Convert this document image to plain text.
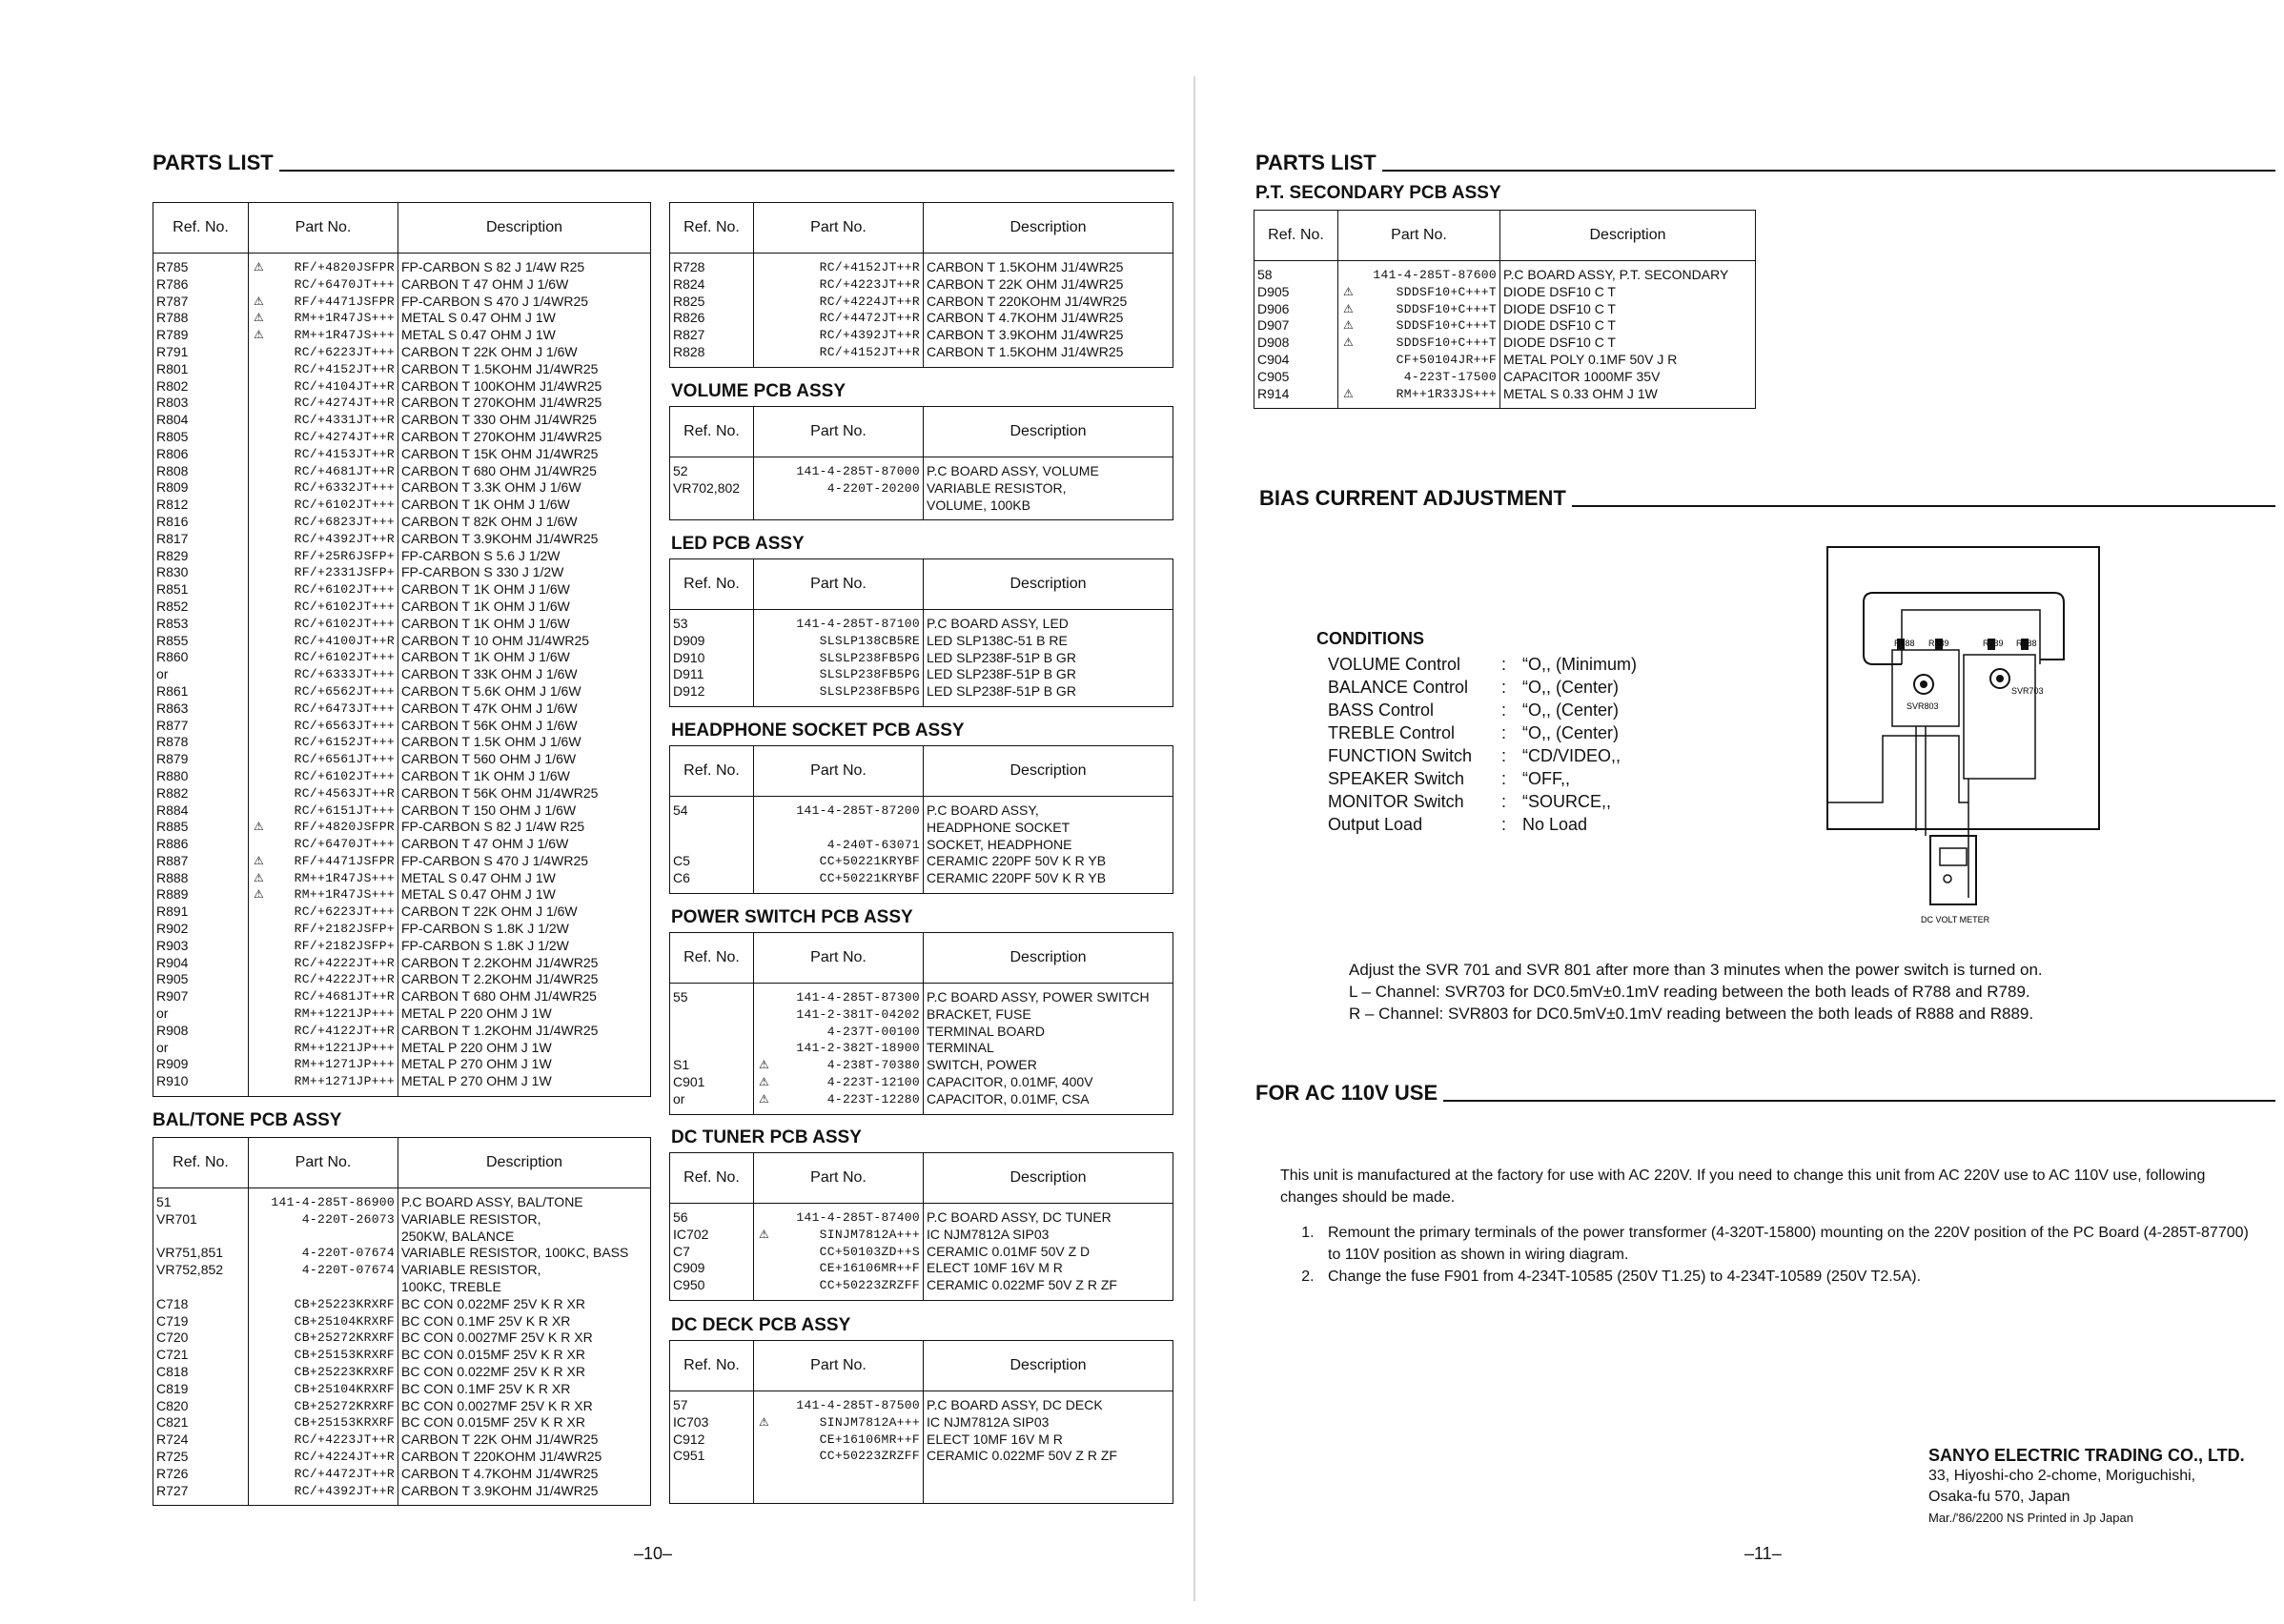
PARTS LIST
Ref. No.	Part No.	Description
R785	⚠ RF/+4820JSFPR	FP-CARBON S 82 J 1/4W R25
R786	RC/+6470JT+++	CARBON T 47 OHM J 1/6W
R787	⚠ RF/+4471JSFPR	FP-CARBON S 470 J 1/4WR25
R788	⚠ RM++1R47JS+++	METAL S 0.47 OHM J 1W
R789	⚠ RM++1R47JS+++	METAL S 0.47 OHM J 1W
R791	RC/+6223JT+++	CARBON T 22K OHM J 1/6W
R801	RC/+4152JT++R	CARBON T 1.5KOHM J1/4WR25
R802	RC/+4104JT++R	CARBON T 100KOHM J1/4WR25
R803	RC/+4274JT++R	CARBON T 270KOHM J1/4WR25
R804	RC/+4331JT++R	CARBON T 330 OHM J1/4WR25
R805	RC/+4274JT++R	CARBON T 270KOHM J1/4WR25
R806	RC/+4153JT++R	CARBON T 15K OHM J1/4WR25
R808	RC/+4681JT++R	CARBON T 680 OHM J1/4WR25
R809	RC/+6332JT+++	CARBON T 3.3K OHM J 1/6W
R812	RC/+6102JT+++	CARBON T 1K OHM J 1/6W
R816	RC/+6823JT+++	CARBON T 82K OHM J 1/6W
R817	RC/+4392JT++R	CARBON T 3.9KOHM J1/4WR25
R829	RF/+25R6JSFP+	FP-CARBON S 5.6 J 1/2W
R830	RF/+2331JSFP+	FP-CARBON S 330 J 1/2W
R851	RC/+6102JT+++	CARBON T 1K OHM J 1/6W
R852	RC/+6102JT+++	CARBON T 1K OHM J 1/6W
R853	RC/+6102JT+++	CARBON T 1K OHM J 1/6W
R855	RC/+4100JT++R	CARBON T 10 OHM J1/4WR25
R860	RC/+6102JT+++	CARBON T 1K OHM J 1/6W
or	RC/+6333JT+++	CARBON T 33K OHM J 1/6W
R861	RC/+6562JT+++	CARBON T 5.6K OHM J 1/6W
R863	RC/+6473JT+++	CARBON T 47K OHM J 1/6W
R877	RC/+6563JT+++	CARBON T 56K OHM J 1/6W
R878	RC/+6152JT+++	CARBON T 1.5K OHM J 1/6W
R879	RC/+6561JT+++	CARBON T 560 OHM J 1/6W
R880	RC/+6102JT+++	CARBON T 1K OHM J 1/6W
R882	RC/+4563JT++R	CARBON T 56K OHM J1/4WR25
R884	RC/+6151JT+++	CARBON T 150 OHM J 1/6W
R885	⚠ RF/+4820JSFPR	FP-CARBON S 82 J 1/4W R25
R886	RC/+6470JT+++	CARBON T 47 OHM J 1/6W
R887	⚠ RF/+4471JSFPR	FP-CARBON S 470 J 1/4WR25
R888	⚠ RM++1R47JS+++	METAL S 0.47 OHM J 1W
R889	⚠ RM++1R47JS+++	METAL S 0.47 OHM J 1W
R891	RC/+6223JT+++	CARBON T 22K OHM J 1/6W
R902	RF/+2182JSFP+	FP-CARBON S 1.8K J 1/2W
R903	RF/+2182JSFP+	FP-CARBON S 1.8K J 1/2W
R904	RC/+4222JT++R	CARBON T 2.2KOHM J1/4WR25
R905	RC/+4222JT++R	CARBON T 2.2KOHM J1/4WR25
R907	RC/+4681JT++R	CARBON T 680 OHM J1/4WR25
or	RM++1221JP+++	METAL P 220 OHM J 1W
R908	RC/+4122JT++R	CARBON T 1.2KOHM J1/4WR25
or	RM++1221JP+++	METAL P 220 OHM J 1W
R909	RM++1271JP+++	METAL P 270 OHM J 1W
R910	RM++1271JP+++	METAL P 270 OHM J 1W
BAL/TONE PCB ASSY
Ref. No.	Part No.	Description
51	141-4-285T-86900	P.C BOARD ASSY, BAL/TONE
VR701	4-220T-26073	VARIABLE RESISTOR,
		250KW, BALANCE
VR751,851	4-220T-07674	VARIABLE RESISTOR, 100KC, BASS
VR752,852	4-220T-07674	VARIABLE RESISTOR,
		100KC, TREBLE
C718	CB+25223KRXRF	BC CON 0.022MF 25V K R XR
C719	CB+25104KRXRF	BC CON 0.1MF 25V K R XR
C720	CB+25272KRXRF	BC CON 0.0027MF 25V K R XR
C721	CB+25153KRXRF	BC CON 0.015MF 25V K R XR
C818	CB+25223KRXRF	BC CON 0.022MF 25V K R XR
C819	CB+25104KRXRF	BC CON 0.1MF 25V K R XR
C820	CB+25272KRXRF	BC CON 0.0027MF 25V K R XR
C821	CB+25153KRXRF	BC CON 0.015MF 25V K R XR
R724	RC/+4223JT++R	CARBON T 22K OHM J1/4WR25
R725	RC/+4224JT++R	CARBON T 220KOHM J1/4WR25
R726	RC/+4472JT++R	CARBON T 4.7KOHM J1/4WR25
R727	RC/+4392JT++R	CARBON T 3.9KOHM J1/4WR25
Ref. No.	Part No.	Description
R728	RC/+4152JT++R	CARBON T 1.5KOHM J1/4WR25
R824	RC/+4223JT++R	CARBON T 22K OHM J1/4WR25
R825	RC/+4224JT++R	CARBON T 220KOHM J1/4WR25
R826	RC/+4472JT++R	CARBON T 4.7KOHM J1/4WR25
R827	RC/+4392JT++R	CARBON T 3.9KOHM J1/4WR25
R828	RC/+4152JT++R	CARBON T 1.5KOHM J1/4WR25
VOLUME PCB ASSY
Ref. No.	Part No.	Description
52	141-4-285T-87000	P.C BOARD ASSY, VOLUME
VR702,802	4-220T-20200	VARIABLE RESISTOR,
		VOLUME, 100KB
LED PCB ASSY
Ref. No.	Part No.	Description
53	141-4-285T-87100	P.C BOARD ASSY, LED
D909	SLSLP138CB5RE	LED SLP138C-51 B RE
D910	SLSLP238FB5PG	LED SLP238F-51P B GR
D911	SLSLP238FB5PG	LED SLP238F-51P B GR
D912	SLSLP238FB5PG	LED SLP238F-51P B GR
HEADPHONE SOCKET PCB ASSY
Ref. No.	Part No.	Description
54	141-4-285T-87200	P.C BOARD ASSY,
		HEADPHONE SOCKET
	4-240T-63071	SOCKET, HEADPHONE
C5	CC+50221KRYBF	CERAMIC 220PF 50V K R YB
C6	CC+50221KRYBF	CERAMIC 220PF 50V K R YB
POWER SWITCH PCB ASSY
Ref. No.	Part No.	Description
55	141-4-285T-87300	P.C BOARD ASSY, POWER SWITCH
	141-2-381T-04202	BRACKET, FUSE
	4-237T-00100	TERMINAL BOARD
	141-2-382T-18900	TERMINAL
S1	⚠ 4-238T-70380	SWITCH, POWER
C901	⚠ 4-223T-12100	CAPACITOR, 0.01MF, 400V
or	⚠ 4-223T-12280	CAPACITOR, 0.01MF, CSA
DC TUNER PCB ASSY
Ref. No.	Part No.	Description
56	141-4-285T-87400	P.C BOARD ASSY, DC TUNER
IC702	⚠ SINJM7812A+++	IC NJM7812A SIP03
C7	CC+50103ZD++S	CERAMIC 0.01MF 50V Z D
C909	CE+16106MR++F	ELECT 10MF 16V M R
C950	CC+50223ZRZFF	CERAMIC 0.022MF 50V Z R ZF
DC DECK PCB ASSY
Ref. No.	Part No.	Description
57	141-4-285T-87500	P.C BOARD ASSY, DC DECK
IC703	⚠ SINJM7812A+++	IC NJM7812A SIP03
C912	CE+16106MR++F	ELECT 10MF 16V M R
C951	CC+50223ZRZFF	CERAMIC 0.022MF 50V Z R ZF
–10–
PARTS LIST
P.T. SECONDARY PCB ASSY
Ref. No.	Part No.	Description
58	141-4-285T-87600	P.C BOARD ASSY, P.T. SECONDARY
D905	⚠ SDDSF10+C+++T	DIODE DSF10 C T
D906	⚠ SDDSF10+C+++T	DIODE DSF10 C T
D907	⚠ SDDSF10+C+++T	DIODE DSF10 C T
D908	⚠ SDDSF10+C+++T	DIODE DSF10 C T
C904	CF+50104JR++F	METAL POLY 0.1MF 50V J R
C905	4-223T-17500	CAPACITOR 1000MF 35V
R914	⚠ RM++1R33JS+++	METAL S 0.33 OHM J 1W
BIAS CURRENT ADJUSTMENT
CONDITIONS
VOLUME Control	: “O,, (Minimum)
BALANCE Control	: “O,, (Center)
BASS Control	: “O,, (Center)
TREBLE Control	: “O,, (Center)
FUNCTION Switch	: “CD/VIDEO,,
SPEAKER Switch	: “OFF,,
MONITOR Switch	: “SOURCE,,
Output Load	: No Load
R888 R889	R789 R788
SVR803
SVR703
DC VOLT METER
Adjust the SVR 701 and SVR 801 after more than 3 minutes when the power switch is turned on.
L – Channel: SVR703 for DC0.5mV±0.1mV reading between the both leads of R788 and R789.
R – Channel: SVR803 for DC0.5mV±0.1mV reading between the both leads of R888 and R889.
FOR AC 110V USE
This unit is manufactured at the factory for use with AC 220V. If you need to change this unit from AC 220V use to AC 110V use, following changes should be made.
1. Remount the primary terminals of the power transformer (4-320T-15800) mounting on the 220V position of the PC Board (4-285T-87700) to 110V position as shown in wiring diagram.
2. Change the fuse F901 from 4-234T-10585 (250V T1.25) to 4-234T-10589 (250V T2.5A).
SANYO ELECTRIC TRADING CO., LTD.
33, Hiyoshi-cho 2-chome, Moriguchishi,
Osaka-fu 570, Japan
Mar./'86/2200 NS Printed in Jp Japan
–11–
